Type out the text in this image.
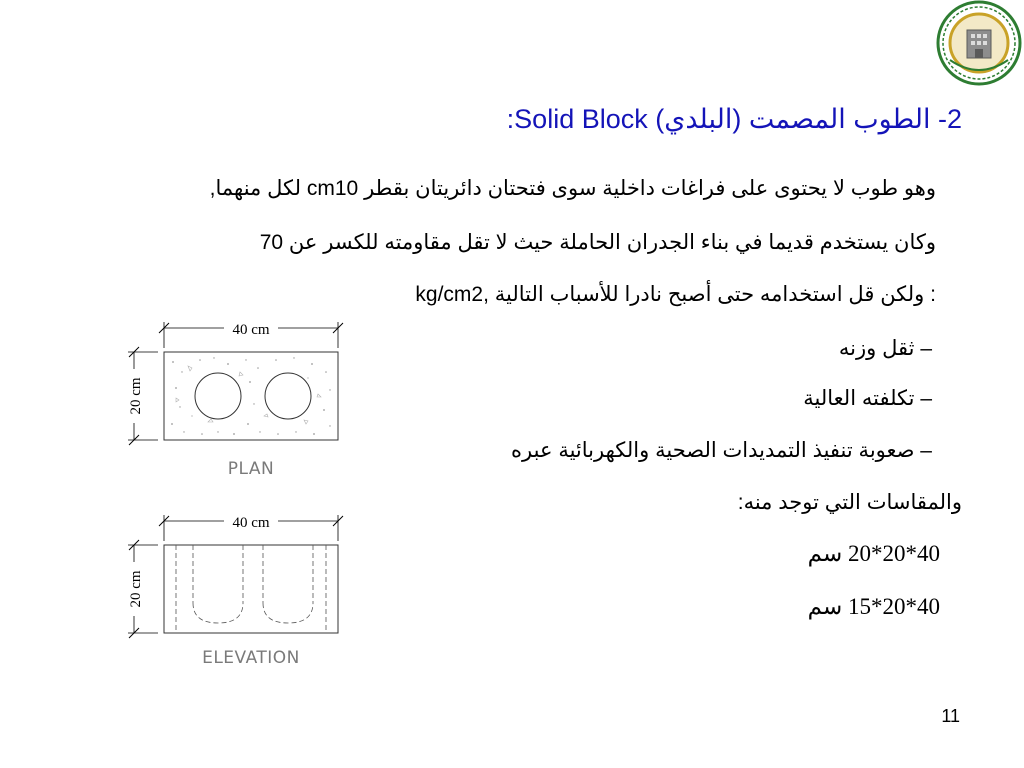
2- الطوب المصمت (البلدي) Solid Block:
وهو طوب لا يحتوى على فراغات داخلية سوى فتحتان دائريتان بقطر cm10 لكل منهما,
وكان يستخدم قديما في بناء الجدران الحاملة حيث لا تقل مقاومته للكسر عن 70
kg/cm2, ولكن قل استخدامه حتى أصبح نادرا للأسباب التالية :
– ثقل وزنه
– تكلفته العالية
– صعوبة تنفيذ التمديدات الصحية والكهربائية عبره
والمقاسات التي توجد منه:
40*20*20 سم
40*20*15 سم
40 cm
20 cm
PLAN
40 cm
20 cm
ELEVATION
11
